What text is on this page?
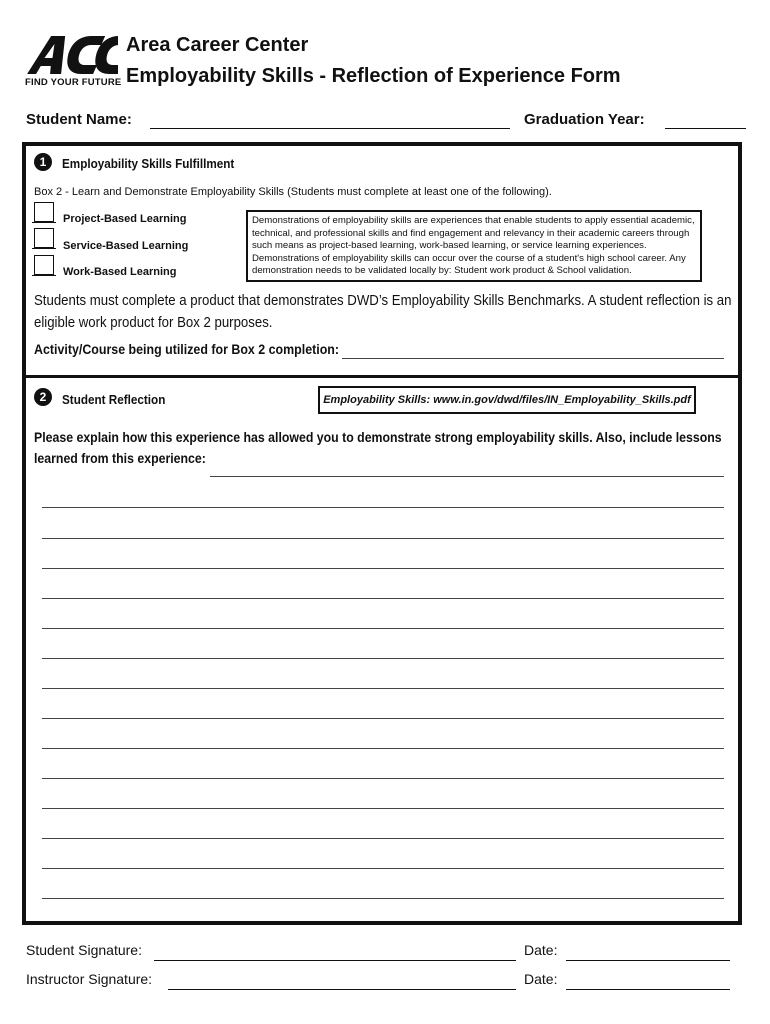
FIND YOUR FUTURE
Area Career Center
Employability Skills - Reflection of Experience Form
Student Name:	Graduation Year:
1	Employability Skills Fulfillment
Box 2 - Learn and Demonstrate Employability Skills (Students must complete at least one of the following).
Project-Based Learning
Service-Based Learning
Work-Based Learning
Demonstrations of employability skills are experiences that enable students to apply essential academic, technical, and professional skills and find engagement and relevancy in their academic careers through such means as project-based learning, work-based learning, or service learning experiences. Demonstrations of employability skills can occur over the course of a student's high school career. Any demonstration needs to be validated locally by: Student work product & School validation.
Students must complete a product that demonstrates DWD’s Employability Skills Benchmarks. A student reflection is an
eligible work product for Box 2 purposes.
Activity/Course being utilized for Box 2 completion:
2	Student Reflection	Employability Skills: www.in.gov/dwd/files/IN_Employability_Skills.pdf
Please explain how this experience has allowed you to demonstrate strong employability skills. Also, include lessons
learned from this experience:
Student Signature:	Date:
Instructor Signature:	Date:
